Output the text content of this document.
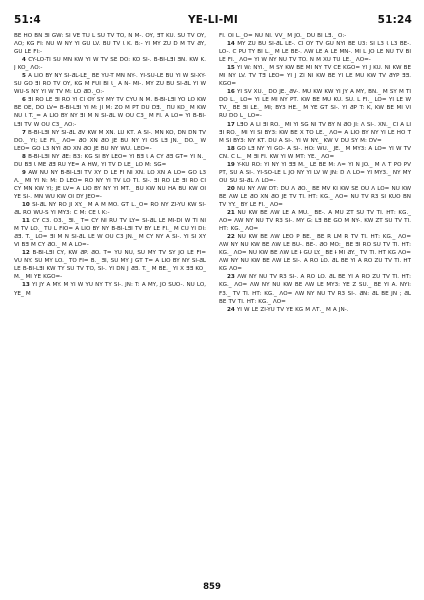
51:4	YE-LI-MI	51:24

BE HO BN ƎI GW: SI VE TU L SU TV TO, N M-. OY, ƎT KU. SU TV OY, ΛO; KG FI: NU W NY YI GU LV. BU TV Ɩ K. B:- YI MY ZU D M TV ƋY, GU LE FI:-

4 CY-LO-TI SU MN KW YI W TV SE DO: KO SI-. B-BI-LƎI ƎN. KW K. J KO_ ΛO:-

5 A LIO BY NY SI-ƋL-LE_ BE YU-T MN NY-. YI-SU-LE BU YI W SI-XY-SU GO ƎI RO TV OY, KG M FUI BI Ɩ_ A N- MI-. MY ZU BU SI-ƋL YI W WU-S NY YI W TV M: LO ƋD._O:-

6 ƎI RO LE ƎI RO YI CI OY SY MY TV CYU N M. B-BI-LƎI YO LO KW BE OE, DO LV= B-BI-LƎI YI M: JI M: ZO M PT DU DƎ._ ΠU KO_ M KW NU Ɩ T._= A LIO BY NY ƎI M N SI-ƋL W OU C3_ M FI. A LO= YI B-BI-LƎI TV W OU C3_ ΛO:-

7 B-BI-LƎI NY SI-ƋL ƋV KW M XN. LU KƬ. A SI-. MN KO, DN DN TV DO._ YI; LE FI._ ΛO= ƋO XN ƋO JE BU NY YI OS LƎ JN._ DO._ W LEO= GO L3 NYI ƋO XN ƋO JE BU NY WU. LEO=-

8 B-BI-LƎI NY ƋE: B3: KG SI BY LEO= YI BƎ Ɩ A CY ƋƎ GƬ= YI N._ DU BƎ Ɩ ME ƋƎ RU YE= A HW, YI TV D LE_ LO M: SG=

9 AW NU NY B-BI-LƎI TV XY D LE FI NI XN. LO XN A LO= GO L3 Λ._ MI YI N: M: D LEO= RO NY YI TV LO TI. SI-. ƎI RO LE ƎI RO CI CY MN KW YI; JE LV= A LIO BY NY YI MƬ._ BU KW NU HA BU KW OI YE SI-. MN WU KW OI DY JEO=-

10 SI-ƋL NY RO JI XY._ M A M MO. GƬ L._O= RO NY ZI-YU KW SI-ƋL RO WU-S YI MY3: C M: CE Ɩ K:-

11 CY C3. O3._ ƎI._ T= CY NI RU TV LY= SI-ƋL LE MI-DI W TI NI M TV LO._ TU L FIO= A LIO BY NY B-BI-LƎI TV BY LE FI._ M CU YI DI: ƋƎ. T._ LO= ƎI M N SI-ƋL LE W OU C3 JN._ M CY NY A SI-. YI SI XY VI BƎ M CY ƋO._ M A LO=-

12 B-BI-LƎI CY, KW ƋP. ƋO. T= YU NU, SU MY TV SY JO LE FI= VU NY. SU MY LO._ TO FI= B._ ƎI, SU MY J GƬ T= A LIO BY NY SI-ƋL LE B-BI-LƎI KW TY SU TV TO, SI-. YI DN J ƋƎ. T._ M BE._ YI X ƎƎ KO_ M._ MI YE KGO=-

13 YI JY A MY. M YI W YU NY TY SI-. JN: T: A MY, JO SUO-. NU LO, YE_ M

FI. OI L._O= NU NI. VV_ M JO._ DU BI LƎ._ O:-

14 MY ZU BU SI-ƋL LE-. CI OY TV GU NYI BE U3: SI L3 Ɩ L3 BE-. LO-. C PU TY BI L._ M LE BE-. ΛW LE A LE MN-. MI L JO LE NU TV BI LE FI._ ΛO= YI W NY NU TV TO. N M XU TU LE._ ΛO=-

15 YI W: NYI._ M SY KW BE MI NY TV CE KGO= YI J KU. NI KW BE MI NY LV. TV TƎ LEO= YI J ZI NI KW BE YI LE MU KW TV ƋYP ƎƎ. KGO=

16 YI SV XU._ DO JE._ƋV-. MU KW KW YI JY A MY, BN._ M SY M TI DO L._ LO= YI LE MI NY PƬ. KW BE MU KU. SU. L FI._ LO= YI LE W TV._ BE ƎI LE._ MI; BY3 HE._ M YE GƬ SI-. YI ƋP T: K, KW BE MI VI RU DO L_ LO=-

17 LƎO A LI ƎI RO._ MI YI SG NI TV BY N ƋO JI: Λ SI-. XN._ CI A LI ƎI RO._ MI YI SI BY3: KW BE X TO LE._ ΛO= A LIO BY NY YI LE HO T M SI BY3: NY KƬ. DU A SI-. YI W NY._ KW V DU SY M: DV=

18 GO LƎ NY YI GO- A SI-. HO: WU._ JE._ M MY3: A LO= YI W TV CN. C L._ M ƎI FI. KW YI W MƬ: YE._ ΛO=

19 Y-KU RO: YI NY YI ƎƎ M._ LE BE M: Λ= YI N JO._ M Λ T PO PV PƬ, SU A SI-. YI-SO-LE L JO NY YI LV W JN: D Λ LO= YI MY3._ NY MY OU SU SI-ƋL Λ LO=-

20 NU NY ΛW DƬ: DU Λ ƋO._ BE MV KI KW SE OU Λ LO= NU KW BE ΛW LE ƋO XN ƋO JE TV TI. HƬ: KG._ ΛO= NU TV R3 SI KUO BN TV YY._ BY LE FI._ ΛO=

21 NU KW BE ΛW LE A MU._ BE-. A MU ZƬ SU TV TI. HƬ: KG._ ΛO= ΛW NY NU TV R3 SI-. MY G: LƎ BE GO M NY-. KW ZƬ SU TV TI. HƬ: KG._ ΛO=

22 NU KW BE ΛW LEO P BE._ BE R LM R TV TI. HƬ: KG._ ΛO= ΛW NY NU KW BE ΛW LE BU-. BE-. ƋO MO:_ BE ƎI RO SU TV TI. HƬ: KG._ ΛO= NU KW BE ΛW LE Ɨ GU LY._ BE Ɨ MI ƋY._ TV TI. HƬ KG ΛO= ΛW NY NU KW BE ΛW LE SI-. A RO LO. ƋL BE YI A RO ZU TV TI. HƬ KG ΛO=

23 ΛW NY NU TV R3 SI-. A RO LO. ƋL BE YI A RO ZU TV TI. HƬ: KG._ ΛO= ΛW NY NU KW BE ΛW LE MY3: YE Z SU._ BE YI A. NYI: F3._ TV TI. HƬ: KG._ ΛO= ΛW NY NU TV R3 SI-. ƋN: ƋL BE JN ; ƋL BE TV TI. HƬ: KG._ ΛO=

24 YI W LE ZI-YU TV YE KG M ΛƬ._ M A JN-.

859
